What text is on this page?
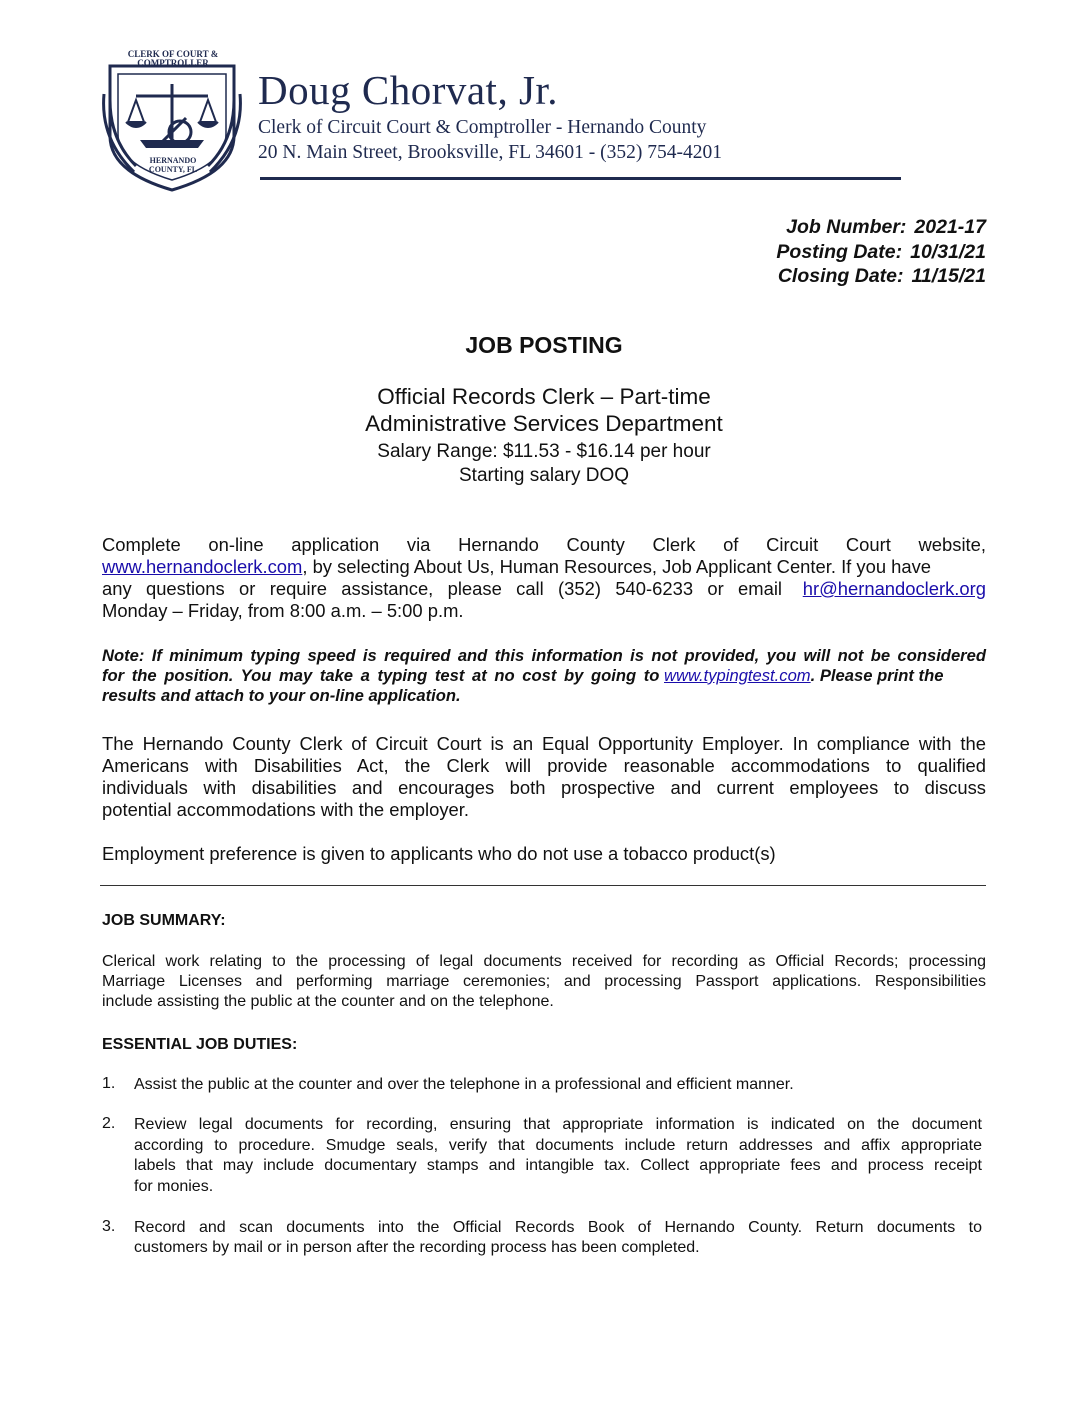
CLERK OF COURT & COMPTROLLER
HERNANDO COUNTY, FL
Doug Chorvat, Jr.
Clerk of Circuit Court & Comptroller - Hernando County
20 N. Main Street, Brooksville, FL 34601 - (352) 754-4201
Job Number: 2021-17
Posting Date: 10/31/21
Closing Date: 11/15/21
JOB POSTING
Official Records Clerk – Part-time
Administrative Services Department
Salary Range: $11.53 - $16.14 per hour
Starting salary DOQ
Complete on-line application via Hernando County Clerk of Circuit Court website,
www.hernandoclerk.com, by selecting About Us, Human Resources, Job Applicant Center. If you have
any questions or require assistance, please call (352) 540-6233 or email hr@hernandoclerk.org
Monday – Friday, from 8:00 a.m. – 5:00 p.m.
Note: If minimum typing speed is required and this information is not provided, you will not be considered
for the position. You may take a typing test at no cost by going to www.typingtest.com. Please print the
results and attach to your on-line application.
The Hernando County Clerk of Circuit Court is an Equal Opportunity Employer. In compliance with the
Americans with Disabilities Act, the Clerk will provide reasonable accommodations to qualified
individuals with disabilities and encourages both prospective and current employees to discuss
potential accommodations with the employer.
Employment preference is given to applicants who do not use a tobacco product(s)
JOB SUMMARY:
Clerical work relating to the processing of legal documents received for recording as Official Records; processing
Marriage Licenses and performing marriage ceremonies; and processing Passport applications. Responsibilities
include assisting the public at the counter and on the telephone.
ESSENTIAL JOB DUTIES:
1. Assist the public at the counter and over the telephone in a professional and efficient manner.
2. Review legal documents for recording, ensuring that appropriate information is indicated on the document
according to procedure. Smudge seals, verify that documents include return addresses and affix appropriate
labels that may include documentary stamps and intangible tax. Collect appropriate fees and process receipt
for monies.
3. Record and scan documents into the Official Records Book of Hernando County. Return documents to
customers by mail or in person after the recording process has been completed.
